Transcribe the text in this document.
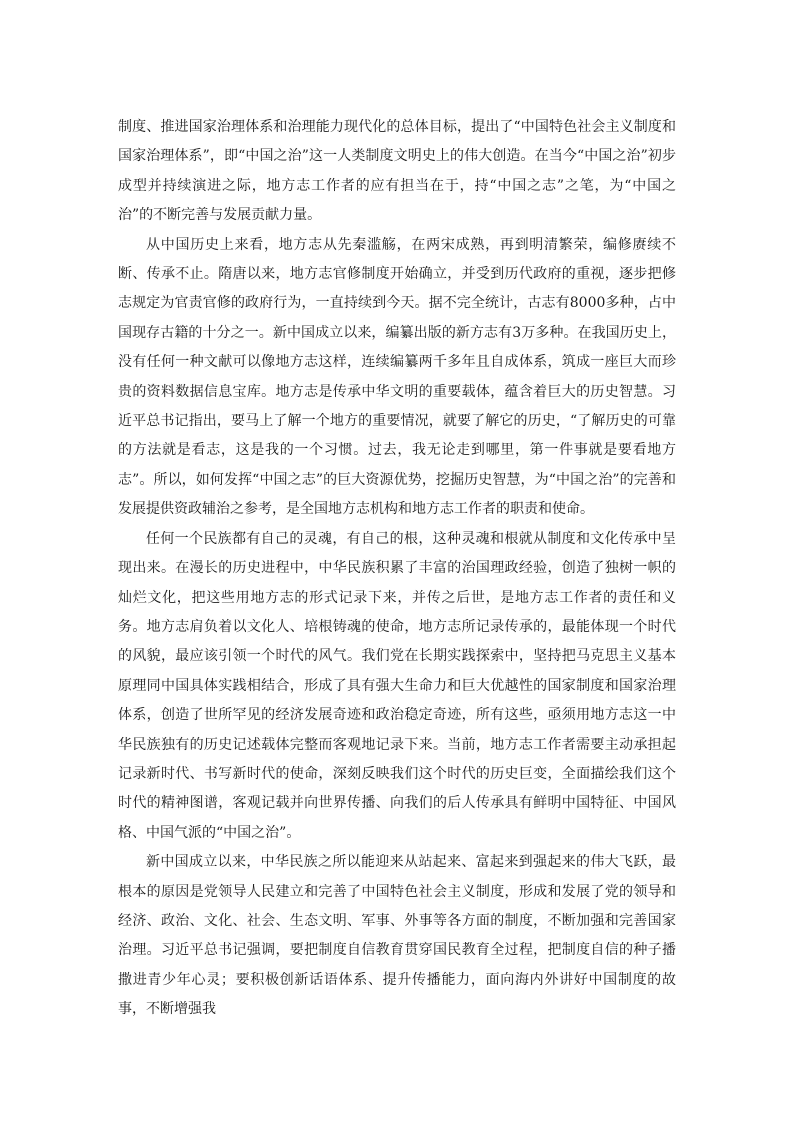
制度、推进国家治理体系和治理能力现代化的总体目标，提出了“中国特色社会主义制度和国家治理体系”，即“中国之治”这一人类制度文明史上的伟大创造。在当今“中国之治”初步成型并持续演进之际，地方志工作者的应有担当在于，持“中国之志”之笔，为“中国之治”的不断完善与发展贡献力量。

从中国历史上来看，地方志从先秦滥觞，在两宋成熟，再到明清繁荣，编修赓续不断、传承不止。隋唐以来，地方志官修制度开始确立，并受到历代政府的重视，逐步把修志规定为官责官修的政府行为，一直持续到今天。据不完全统计，古志有8000多种，占中国现存古籍的十分之一。新中国成立以来，编纂出版的新方志有3万多种。在我国历史上，没有任何一种文献可以像地方志这样，连续编纂两千多年且自成体系，筑成一座巨大而珍贵的资料数据信息宝库。地方志是传承中华文明的重要载体，蕴含着巨大的历史智慧。习近平总书记指出，要马上了解一个地方的重要情况，就要了解它的历史，“了解历史的可靠的方法就是看志，这是我的一个习惯。过去，我无论走到哪里，第一件事就是要看地方志”。所以，如何发挥“中国之志”的巨大资源优势，挖掘历史智慧，为“中国之治”的完善和发展提供资政辅治之参考，是全国地方志机构和地方志工作者的职责和使命。

任何一个民族都有自己的灵魂，有自己的根，这种灵魂和根就从制度和文化传承中呈现出来。在漫长的历史进程中，中华民族积累了丰富的治国理政经验，创造了独树一帜的灿烂文化，把这些用地方志的形式记录下来，并传之后世，是地方志工作者的责任和义务。地方志肩负着以文化人、培根铸魂的使命，地方志所记录传承的，最能体现一个时代的风貌，最应该引领一个时代的风气。我们党在长期实践探索中，坚持把马克思主义基本原理同中国具体实践相结合，形成了具有强大生命力和巨大优越性的国家制度和国家治理体系，创造了世所罕见的经济发展奇迹和政治稳定奇迹，所有这些，亟须用地方志这一中华民族独有的历史记述载体完整而客观地记录下来。当前，地方志工作者需要主动承担起记录新时代、书写新时代的使命，深刻反映我们这个时代的历史巨变，全面描绘我们这个时代的精神图谱，客观记载并向世界传播、向我们的后人传承具有鲜明中国特征、中国风格、中国气派的“中国之治”。

新中国成立以来，中华民族之所以能迎来从站起来、富起来到强起来的伟大飞跃，最根本的原因是党领导人民建立和完善了中国特色社会主义制度，形成和发展了党的领导和经济、政治、文化、社会、生态文明、军事、外事等各方面的制度，不断加强和完善国家治理。习近平总书记强调，要把制度自信教育贯穿国民教育全过程，把制度自信的种子播撒进青少年心灵；要积极创新话语体系、提升传播能力，面向海内外讲好中国制度的故事，不断增强我
